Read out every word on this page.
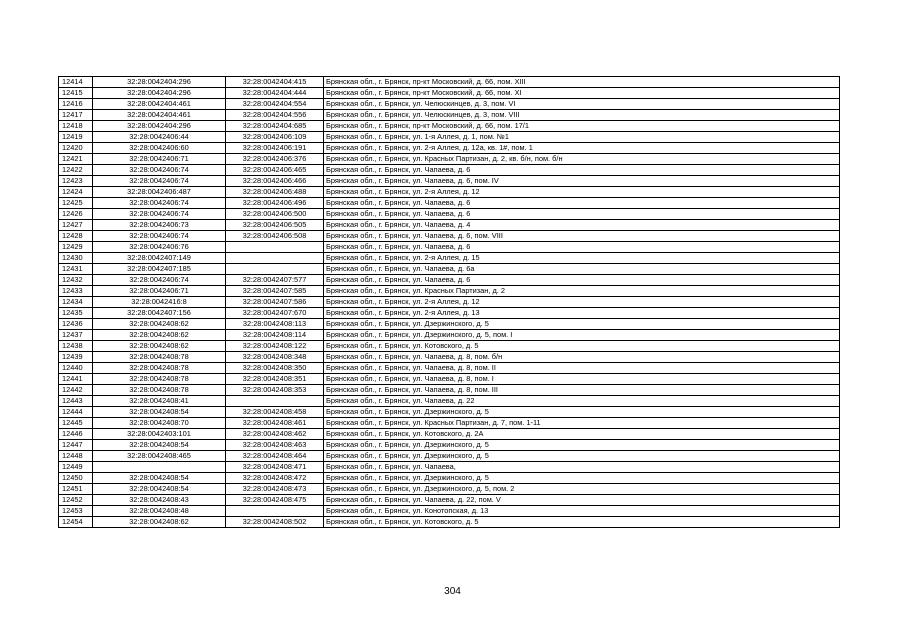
12414	32:28:0042404:296	32:28:0042404:415	Брянская обл., г. Брянск, пр-кт Московский, д. 66, пом. XIII
12415	32:28:0042404:296	32:28:0042404:444	Брянская обл., г. Брянск, пр-кт Московский, д. 66, пом. XI
12416	32:28:0042404:461	32:28:0042404:554	Брянская обл., г. Брянск, ул. Челюскинцев, д. 3, пом. VI
12417	32:28:0042404:461	32:28:0042404:556	Брянская обл., г. Брянск, ул. Челюскинцев, д. 3, пом. VIII
12418	32:28:0042404:296	32:28:0042404:685	Брянская обл., г. Брянск, пр-кт Московский, д. 66, пом. 17/1
12419	32:28:0042406:44	32:28:0042406:109	Брянская обл., г. Брянск, ул. 1-я Аллея, д. 1, пом. №1
12420	32:28:0042406:60	32:28:0042406:191	Брянская обл., г. Брянск, ул. 2-я Аллея, д. 12а, кв. 1#, пом. 1
12421	32:28:0042406:71	32:28:0042406:376	Брянская обл., г. Брянск, ул. Красных Партизан, д. 2, кв. б/н, пом. б/н
12422	32:28:0042406:74	32:28:0042406:465	Брянская обл., г. Брянск, ул. Чапаева, д. 6
12423	32:28:0042406:74	32:28:0042406:466	Брянская обл., г. Брянск, ул. Чапаева, д. 6, пом. IV
12424	32:28:0042406:487	32:28:0042406:488	Брянская обл., г. Брянск, ул. 2-я Аллея, д. 12
12425	32:28:0042406:74	32:28:0042406:496	Брянская обл., г. Брянск, ул. Чапаева, д. 6
12426	32:28:0042406:74	32:28:0042406:500	Брянская обл., г. Брянск, ул. Чапаева, д. 6
12427	32:28:0042406:73	32:28:0042406:505	Брянская обл., г. Брянск, ул. Чапаева, д. 4
12428	32:28:0042406:74	32:28:0042406:508	Брянская обл., г. Брянск, ул. Чапаева, д. 6, пом. VIII
12429	32:28:0042406:76		Брянская обл., г. Брянск, ул. Чапаева, д. 6
12430	32:28:0042407:149		Брянская обл., г. Брянск, ул. 2-я Аллея, д. 15
12431	32:28:0042407:185		Брянская обл., г. Брянск, ул. Чапаева, д. 6а
12432	32:28:0042406:74	32:28:0042407:577	Брянская обл., г. Брянск, ул. Чапаева, д. 6
12433	32:28:0042406:71	32:28:0042407:585	Брянская обл., г. Брянск, ул. Красных Партизан, д. 2
12434	32:28:0042416:8	32:28:0042407:586	Брянская обл., г. Брянск, ул. 2-я Аллея, д. 12
12435	32:28:0042407:156	32:28:0042407:670	Брянская обл., г. Брянск, ул. 2-я Аллея, д. 13
12436	32:28:0042408:62	32:28:0042408:113	Брянская обл., г. Брянск, ул. Дзержинского, д. 5
12437	32:28:0042408:62	32:28:0042408:114	Брянская обл., г. Брянск, ул. Дзержинского, д. 5, пом. I
12438	32:28:0042408:62	32:28:0042408:122	Брянская обл., г. Брянск, ул. Котовского, д. 5
12439	32:28:0042408:78	32:28:0042408:348	Брянская обл., г. Брянск, ул. Чапаева, д. 8, пом. б/н
12440	32:28:0042408:78	32:28:0042408:350	Брянская обл., г. Брянск, ул. Чапаева, д. 8, пом. II
12441	32:28:0042408:78	32:28:0042408:351	Брянская обл., г. Брянск, ул. Чапаева, д. 8, пом. I
12442	32:28:0042408:78	32:28:0042408:353	Брянская обл., г. Брянск, ул. Чапаева, д. 8, пом. III
12443	32:28:0042408:41		Брянская обл., г. Брянск, ул. Чапаева, д. 22
12444	32:28:0042408:54	32:28:0042408:458	Брянская обл., г. Брянск, ул. Дзержинского, д. 5
12445	32:28:0042408:70	32:28:0042408:461	Брянская обл., г. Брянск, ул. Красных Партизан, д. 7, пом. 1-11
12446	32:28:0042403:101	32:28:0042408:462	Брянская обл., г. Брянск, ул. Котовского, д. 2А
12447	32:28:0042408:54	32:28:0042408:463	Брянская обл., г. Брянск, ул. Дзержинского, д. 5
12448	32:28:0042408:465	32:28:0042408:464	Брянская обл., г. Брянск, ул. Дзержинского, д. 5
12449		32:28:0042408:471	Брянская обл., г. Брянск, ул. Чапаева,
12450	32:28:0042408:54	32:28:0042408:472	Брянская обл., г. Брянск, ул. Дзержинского, д. 5
12451	32:28:0042408:54	32:28:0042408:473	Брянская обл., г. Брянск, ул. Дзержинского, д. 5, пом. 2
12452	32:28:0042408:43	32:28:0042408:475	Брянская обл., г. Брянск, ул. Чапаева, д. 22, пом. V
12453	32:28:0042408:48		Брянская обл., г. Брянск, ул. Конотопская, д. 13
12454	32:28:0042408:62	32:28:0042408:502	Брянская обл., г. Брянск, ул. Котовского, д. 5
304
